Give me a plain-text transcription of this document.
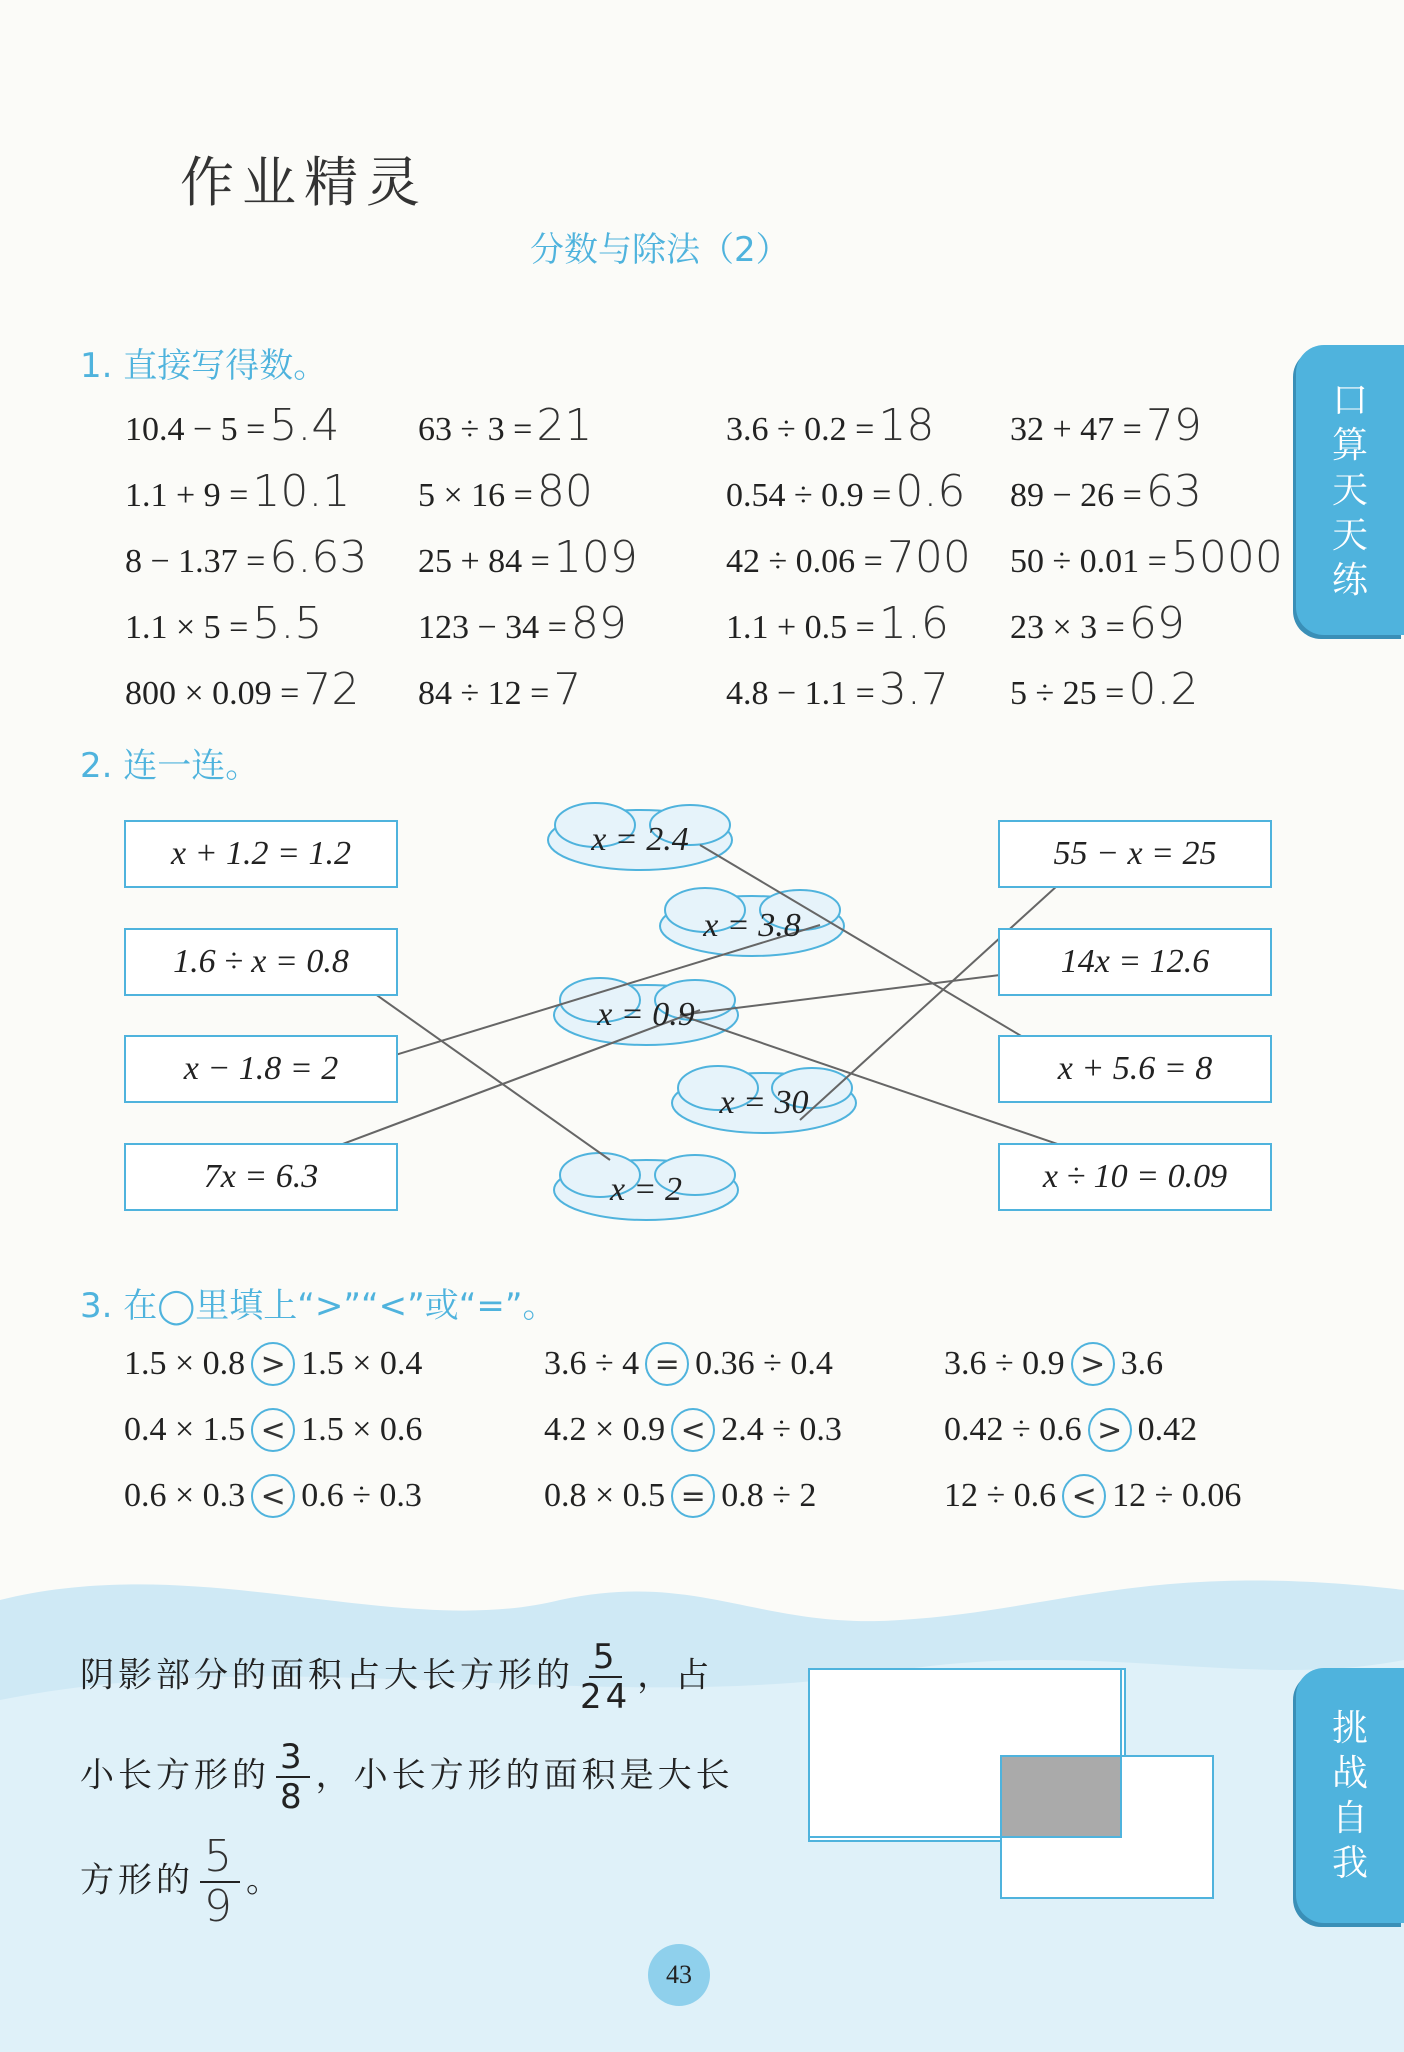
作业精灵
分数与除法（2）
1. 直接写得数。
10.4 − 5 =5.4 63 ÷ 3 =21	3.6 ÷ 0.2 =18 32 + 47 =79
1.1 + 9 =10.1 5 × 16 =80	0.54 ÷ 0.9 =0.6 89 − 26 =63
8 − 1.37 =6.63 25 + 84 =109	42 ÷ 0.06 =700 50 ÷ 0.01 =5000
1.1 × 5 =5.5	123 − 34 =89	1.1 + 0.5 =1.6 23 × 3 =69
800 × 0.09 =72 84 ÷ 12 =7	4.8 − 1.1 =3.7 5 ÷ 25 =0.2
2. 连一连。
x + 1.2 = 1.2
1.6 ÷ x = 0.8
x − 1.8 = 2
7x = 6.3
x = 2.4
x = 3.8
x = 0.9
x = 30
x = 2
55 − x = 25
14x = 12.6
x + 5.6 = 8
x ÷ 10 = 0.09
3. 在◯里填上“>”“<”或“=”。
1.5 × 0.8 > 1.5 × 0.4	3.6 ÷ 4 = 0.36 ÷ 0.4	3.6 ÷ 0.9 > 3.6
0.4 × 1.5 < 1.5 × 0.6	4.2 × 0.9 < 2.4 ÷ 0.3	0.42 ÷ 0.6 > 0.42
0.6 × 0.3 < 0.6 ÷ 0.3	0.8 × 0.5 = 0.8 ÷ 2	12 ÷ 0.6 < 12 ÷ 0.06
阴影部分的面积占大长方形的 $\frac{5}{24}$ ，占
小长方形的 $\frac{3}{8}$ ，小长方形的面积是大长
方形的 $\frac{5}{9}$ 。
口
算
天
天
练
挑
战
自
我
43
